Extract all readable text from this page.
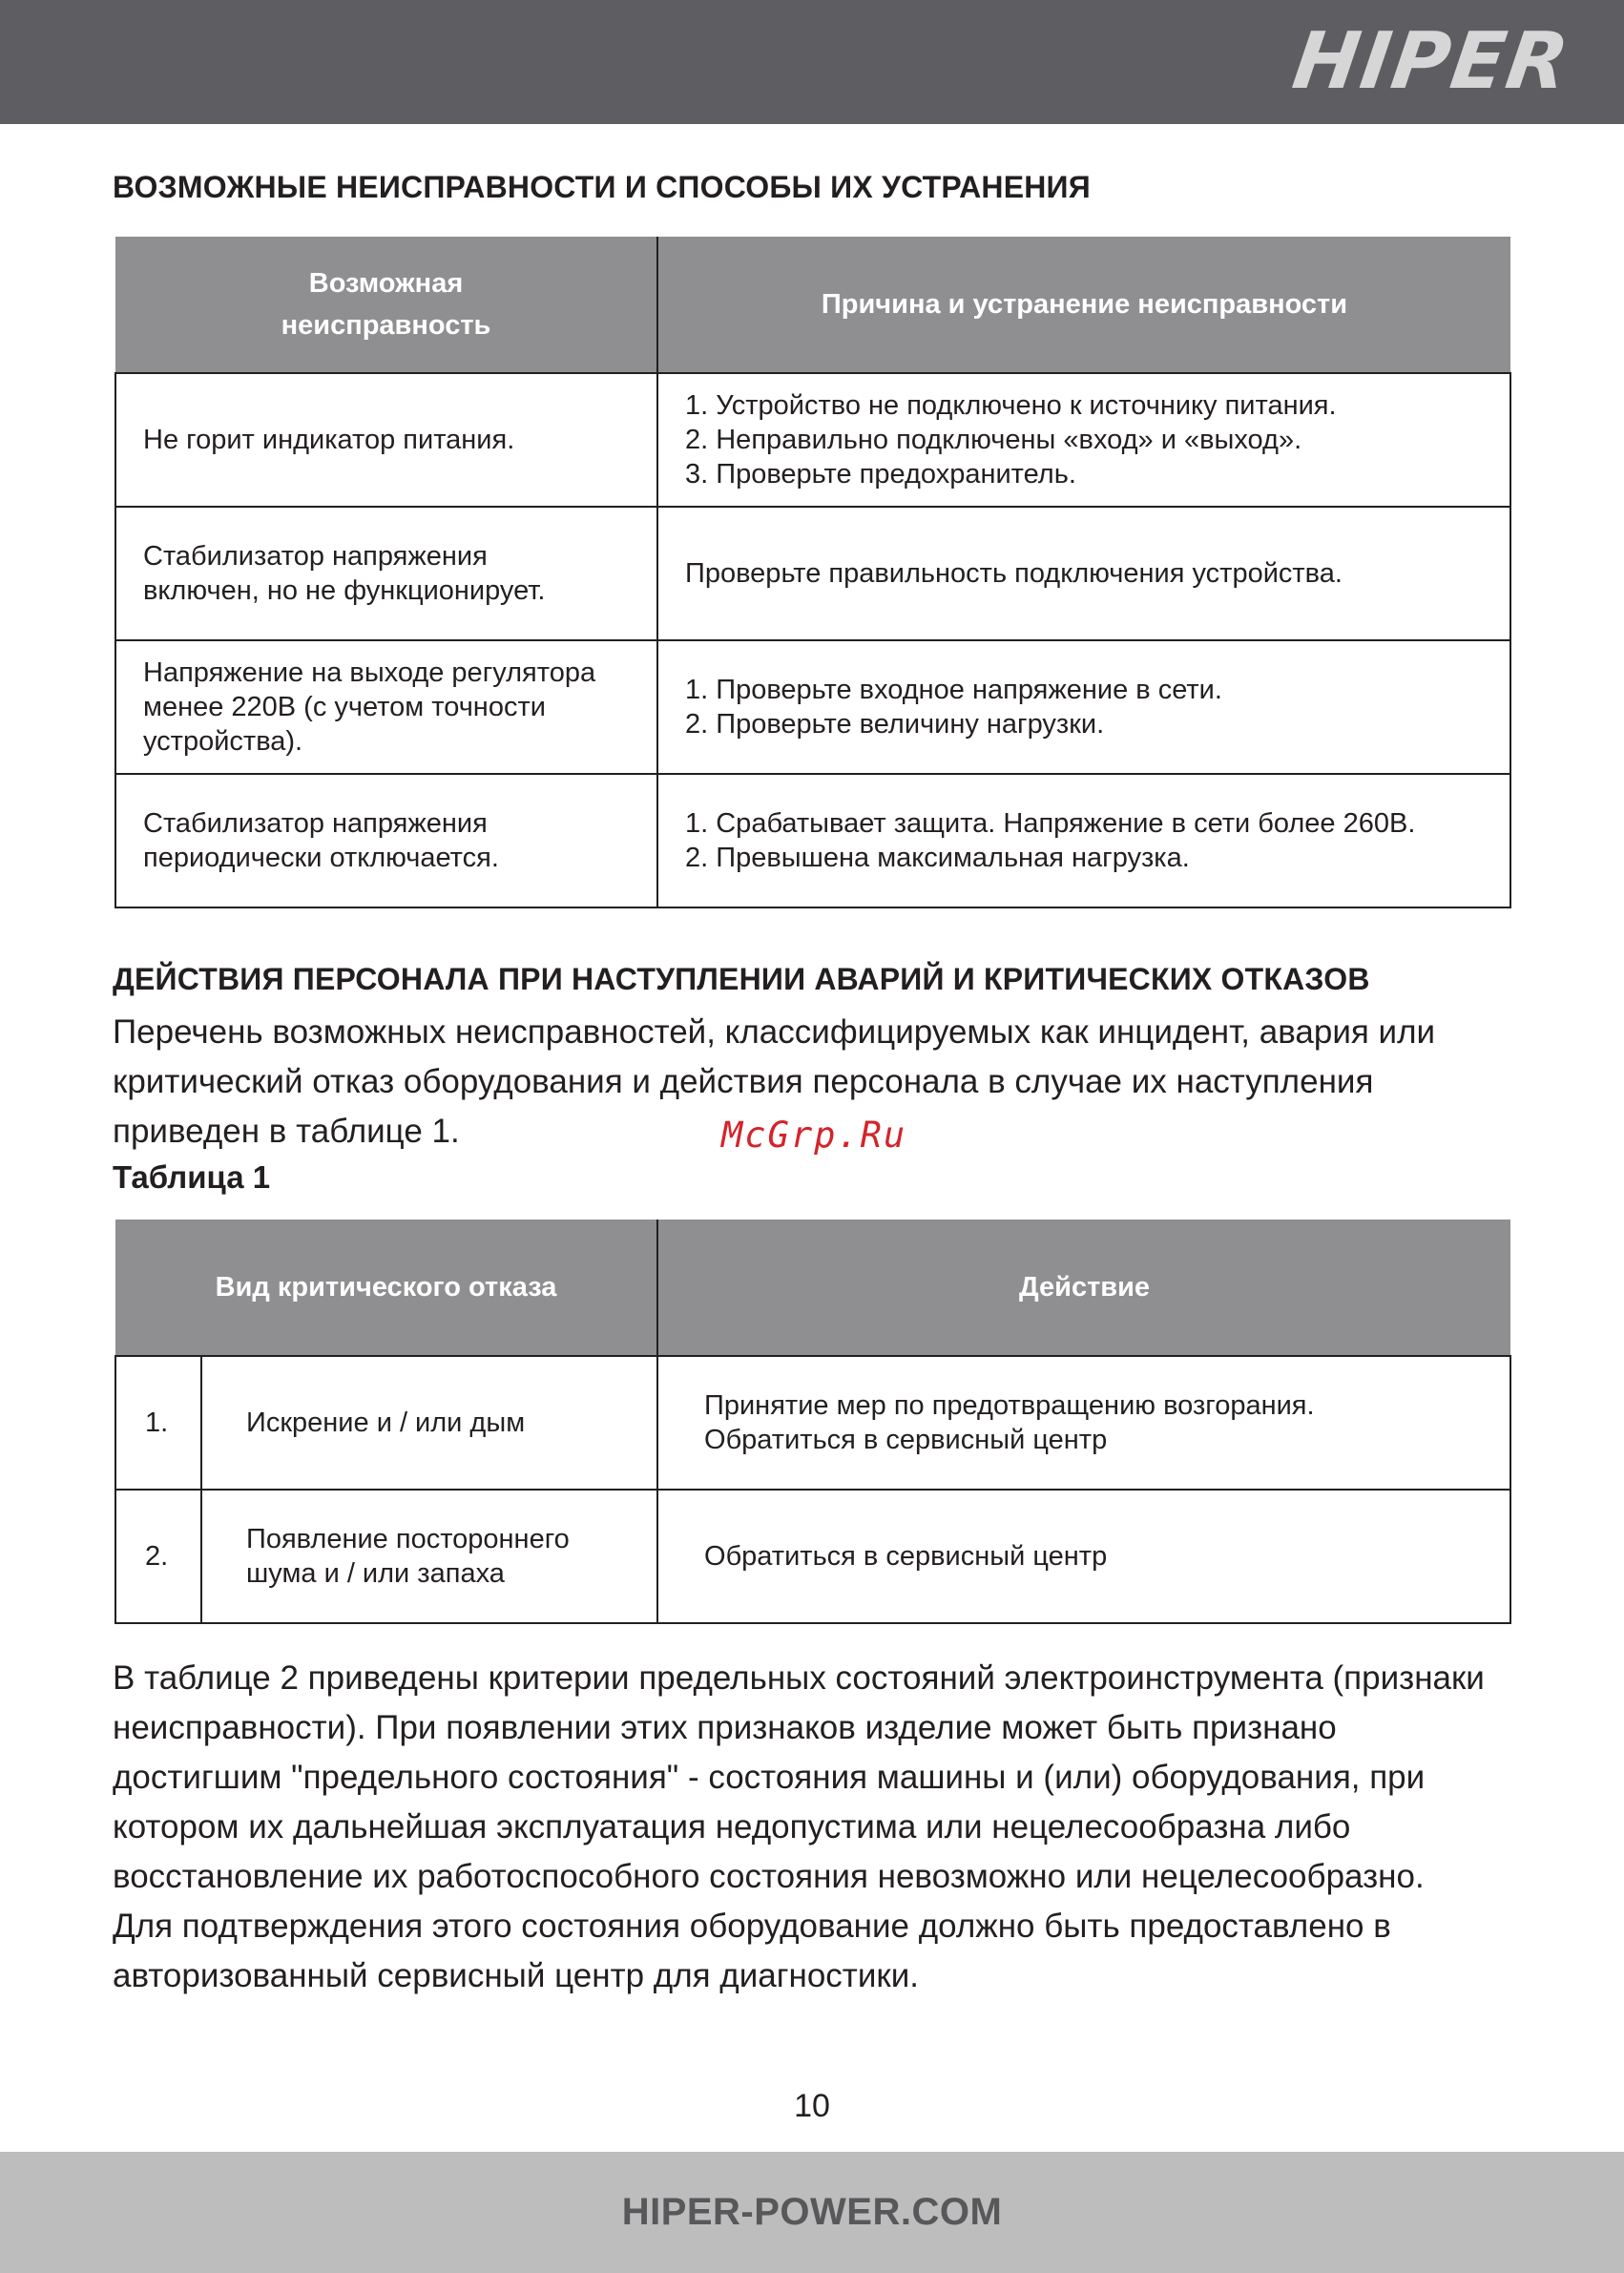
HIPER
ВОЗМОЖНЫЕ НЕИСПРАВНОСТИ И СПОСОБЫ ИХ УСТРАНЕНИЯ
Возможная
неисправность	Причина и устранение неисправности

Не горит индикатор питания.	1. Устройство не подключено к источнику питания.
2. Неправильно подключены «вход» и «выход».
3. Проверьте предохранитель.

Стабилизатор напряжения
включен, но не функционирует.	Проверьте правильность подключения устройства.

Напряжение на выходе регулятора
менее 220В (с учетом точности
устройства).	1. Проверьте входное напряжение в сети.
2. Проверьте величину нагрузки.

Стабилизатор напряжения
периодически отключается.	1. Срабатывает защита. Напряжение в сети более 260В.
2. Превышена максимальная нагрузка.
ДЕЙСТВИЯ ПЕРСОНАЛА ПРИ НАСТУПЛЕНИИ АВАРИЙ И КРИТИЧЕСКИХ ОТКАЗОВ

Перечень возможных неисправностей, классифицируемых как инцидент, авария или
критический отказ оборудования и действия персонала в случае их наступления
приведен в таблице 1.	McGrp.Ru

Таблица 1

Вид критического отказа		Действие
1.	Искрение и / или дым	Принятие мер по предотвращению возгорания.
Обратиться в сервисный центр

2.	Появление постороннего
шума и / или запаха	Обратиться в сервисный центр

В таблице 2 приведены критерии предельных состояний электроинструмента (признаки
неисправности). При появлении этих признаков изделие может быть признано
достигшим "предельного состояния" - состояния машины и (или) оборудования, при
котором их дальнейшая эксплуатация недопустима или нецелесообразна либо
восстановление их работоспособного состояния невозможно или нецелесообразно.
Для подтверждения этого состояния оборудование должно быть предоставлено в
авторизованный сервисный центр для диагностики.

10
HIPER-POWER.COM
